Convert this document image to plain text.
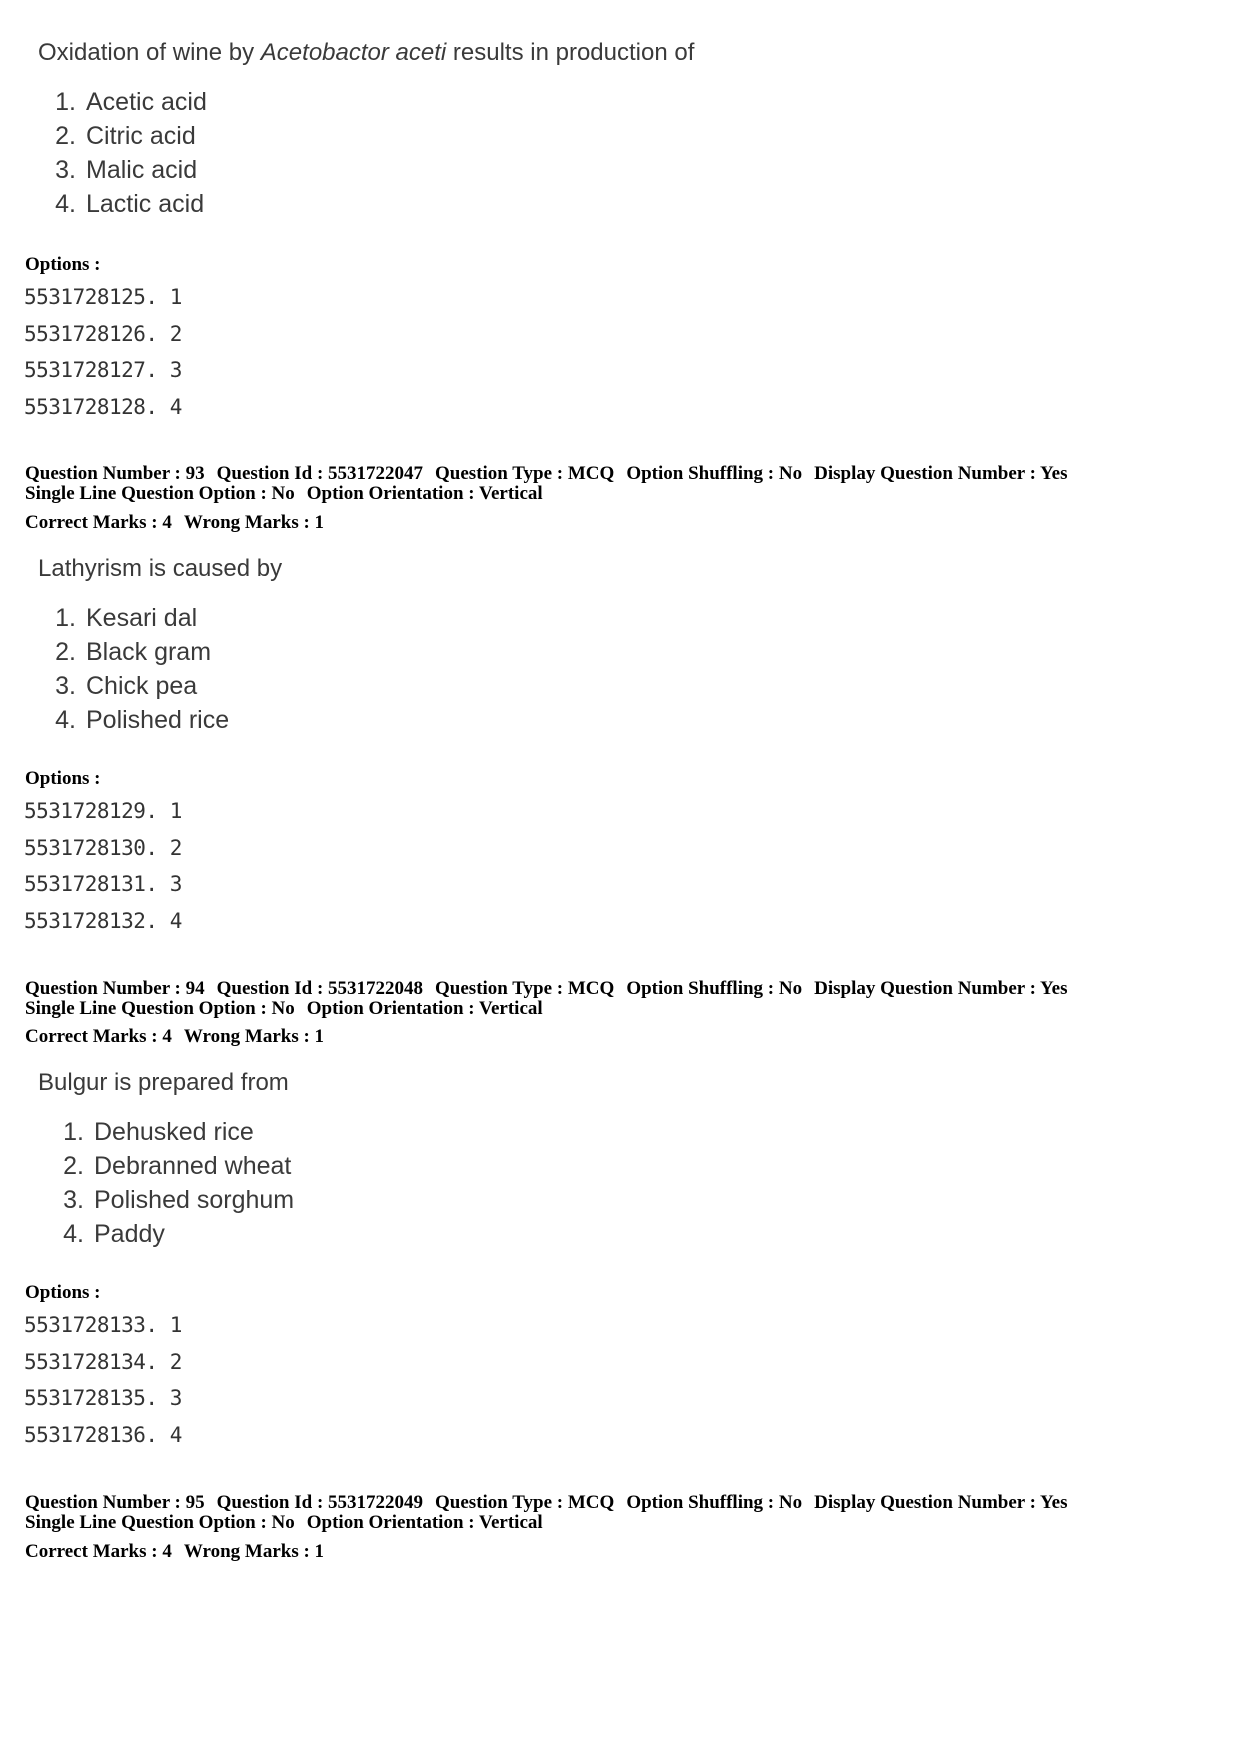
Oxidation of wine by Acetobactor aceti results in production of

1. Acetic acid
2. Citric acid
3. Malic acid
4. Lactic acid
Options :
5531728125. 1
5531728126. 2
5531728127. 3
5531728128. 4
Question Number : 93 Question Id : 5531722047 Question Type : MCQ Option Shuffling : No Display Question Number : Yes
Single Line Question Option : No Option Orientation : Vertical
Correct Marks : 4 Wrong Marks : 1

Lathyrism is caused by

1. Kesari dal
2. Black gram
3. Chick pea
4. Polished rice
Options :
5531728129. 1
5531728130. 2
5531728131. 3
5531728132. 4
Question Number : 94 Question Id : 5531722048 Question Type : MCQ Option Shuffling : No Display Question Number : Yes
Single Line Question Option : No Option Orientation : Vertical
Correct Marks : 4 Wrong Marks : 1

Bulgur is prepared from

1. Dehusked rice
2. Debranned wheat
3. Polished sorghum
4. Paddy
Options :
5531728133. 1
5531728134. 2
5531728135. 3
5531728136. 4
Question Number : 95 Question Id : 5531722049 Question Type : MCQ Option Shuffling : No Display Question Number : Yes
Single Line Question Option : No Option Orientation : Vertical
Correct Marks : 4 Wrong Marks : 1
